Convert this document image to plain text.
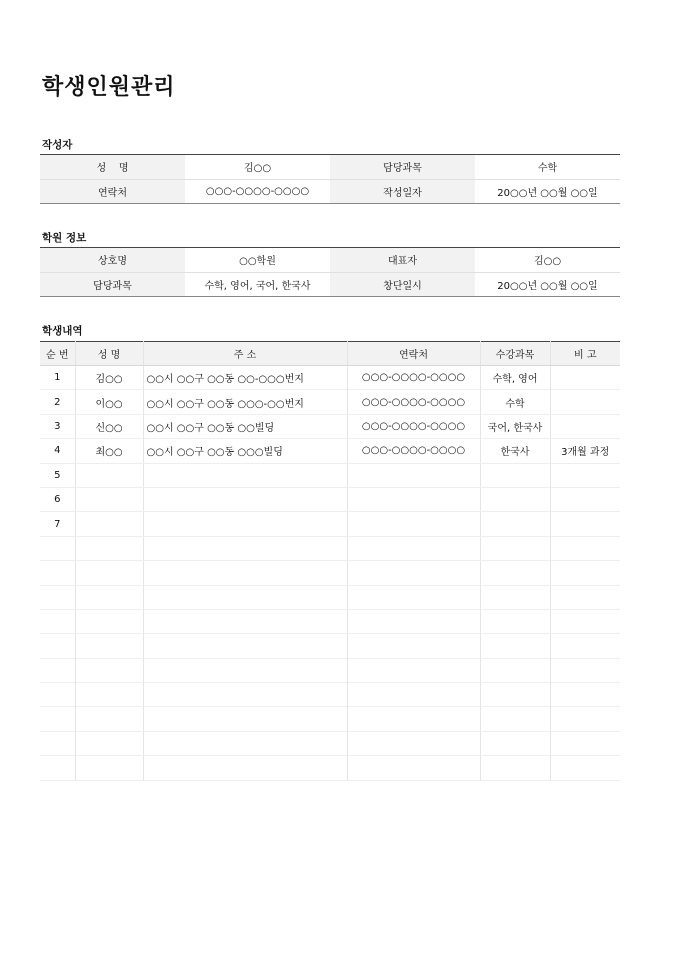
학생인원관리
작성자
성    명	김○○	담당과목	수학
연락처	○○○-○○○○-○○○○	작성일자	20○○년 ○○월 ○○일
학원 정보
상호명	○○학원	대표자	김○○
담당과목	수학, 영어, 국어, 한국사	창단일시	20○○년 ○○월 ○○일
학생내역
순 번	성 명	주 소	연락처	수강과목	비 고
1	김○○	○○시 ○○구 ○○동 ○○-○○○번지	○○○-○○○○-○○○○	수학, 영어	
2	이○○	○○시 ○○구 ○○동 ○○○-○○번지	○○○-○○○○-○○○○	수학	
3	신○○	○○시 ○○구 ○○동 ○○빌딩	○○○-○○○○-○○○○	국어, 한국사	
4	최○○	○○시 ○○구 ○○동 ○○○빌딩	○○○-○○○○-○○○○	한국사	3개월 과정
5					
6					
7					
